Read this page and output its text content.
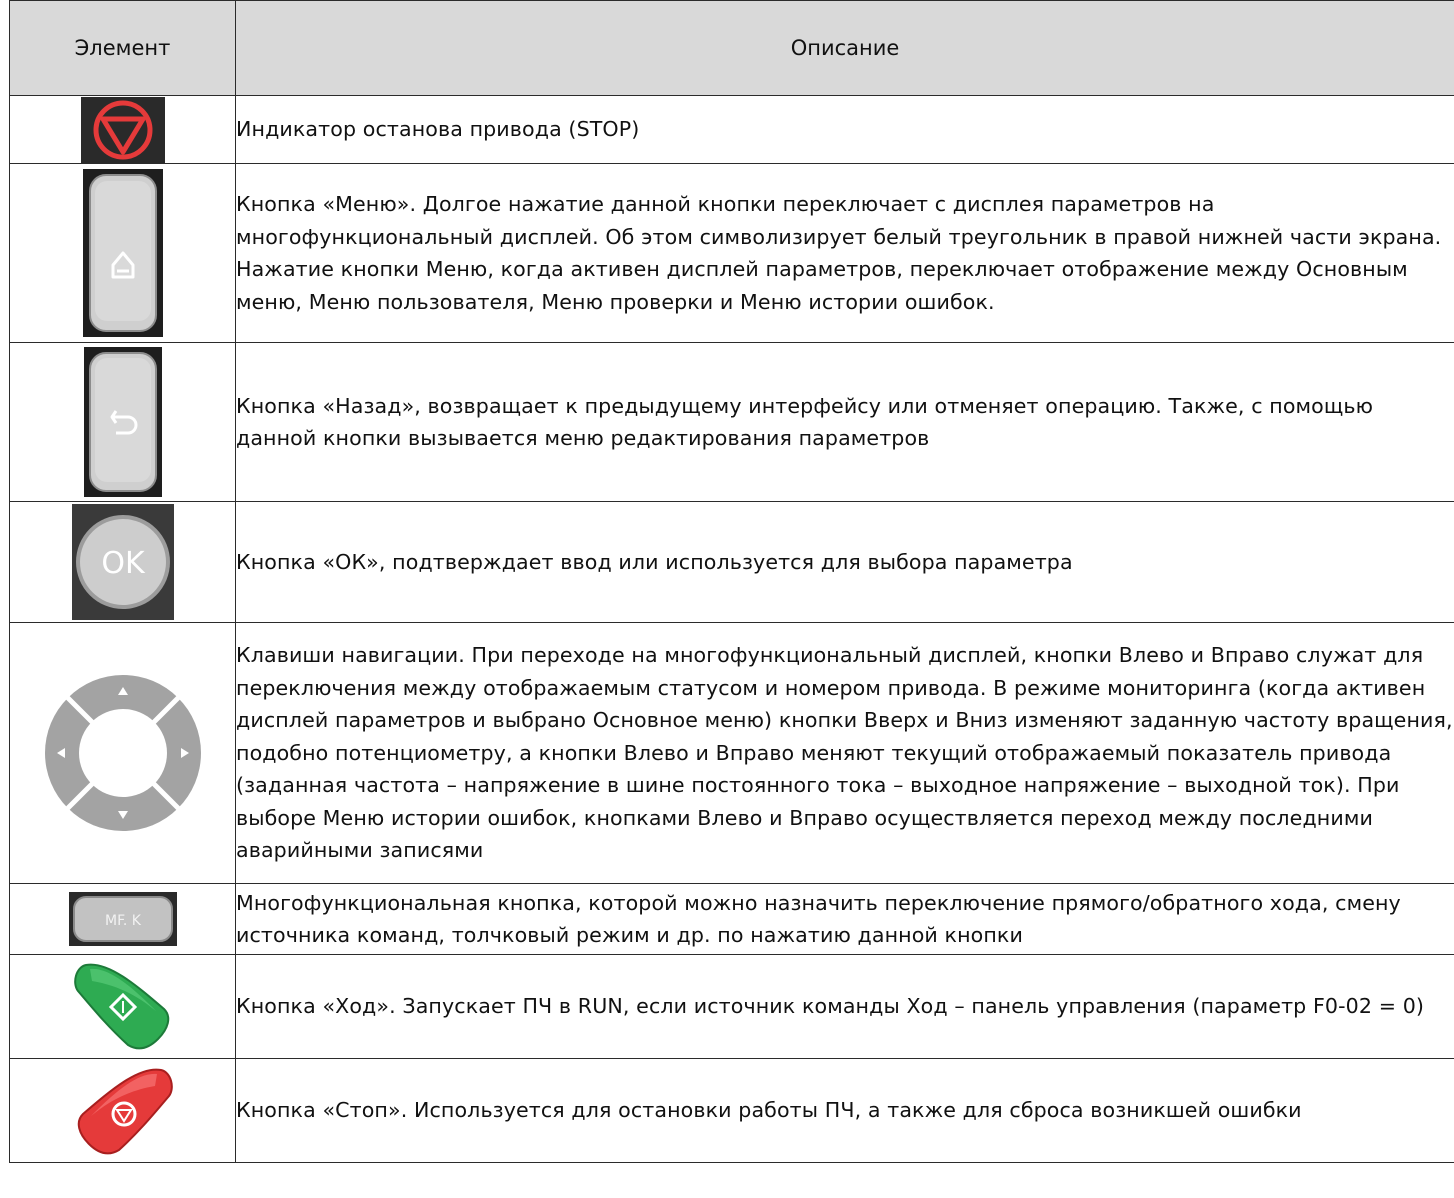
Элемент	Описание

	Индикатор останова привода (STOP)

	Кнопка «Меню». Долгое нажатие данной кнопки переключает с дисплея параметров на многофункциональный дисплей. Об этом символизирует белый треугольник в правой нижней части экрана. Нажатие кнопки Меню, когда активен дисплей параметров, переключает отображение между Основным меню, Меню пользователя, Меню проверки и Меню истории ошибок.

	Кнопка «Назад», возвращает к предыдущему интерфейсу или отменяет операцию. Также, с помощью данной кнопки вызывается меню редактирования параметров

OK	Кнопка «ОК», подтверждает ввод или используется для выбора параметра

	Клавиши навигации. При переходе на многофункциональный дисплей, кнопки Влево и Вправо служат для переключения между отображаемым статусом и номером привода. В режиме мониторинга (когда активен дисплей параметров и выбрано Основное меню) кнопки Вверх и Вниз изменяют заданную частоту вращения, подобно потенциометру, а кнопки Влево и Вправо меняют текущий отображаемый показатель привода (заданная частота – напряжение в шине постоянного тока – выходное напряжение – выходной ток). При выборе Меню истории ошибок, кнопками Влево и Вправо осуществляется переход между последними аварийными записями

MF. K	Многофункциональная кнопка, которой можно назначить переключение прямого/обратного хода, смену источника команд, толчковый режим и др. по нажатию данной кнопки

	Кнопка «Ход». Запускает ПЧ в RUN, если источник команды Ход – панель управления (параметр F0-02 = 0)

	Кнопка «Стоп». Используется для остановки работы ПЧ, а также для сброса возникшей ошибки
